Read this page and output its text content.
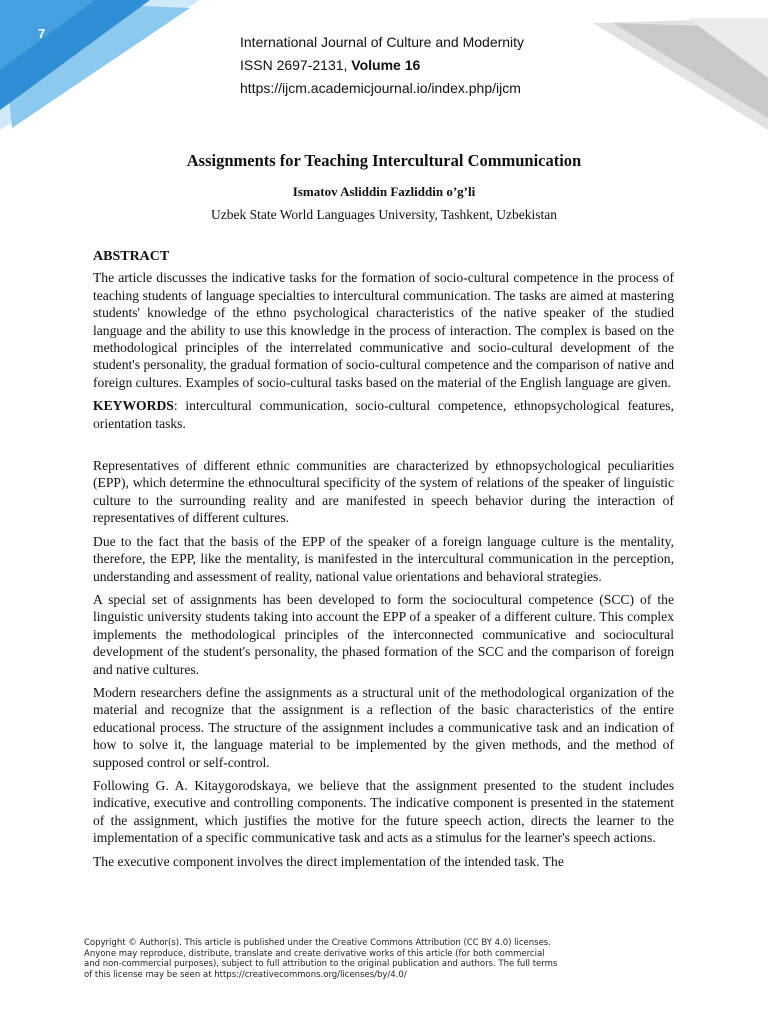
7
International Journal of Culture and Modernity
ISSN 2697-2131, Volume 16
https://ijcm.academicjournal.io/index.php/ijcm
Assignments for Teaching Intercultural Communication
Ismatov Asliddin Fazliddin o’g’li
Uzbek State World Languages University, Tashkent, Uzbekistan
ABSTRACT

The article discusses the indicative tasks for the formation of socio-cultural competence in the process of teaching students of language specialties to intercultural communication. The tasks are aimed at mastering students' knowledge of the ethno psychological characteristics of the native speaker of the studied language and the ability to use this knowledge in the process of interaction. The complex is based on the methodological principles of the interrelated communicative and socio-cultural development of the student's personality, the gradual formation of socio-cultural competence and the comparison of native and foreign cultures. Examples of socio-cultural tasks based on the material of the English language are given.

KEYWORDS: intercultural communication, socio-cultural competence, ethnopsychological features, orientation tasks.

Representatives of different ethnic communities are characterized by ethnopsychological peculiarities (EPP), which determine the ethnocultural specificity of the system of relations of the speaker of linguistic culture to the surrounding reality and are manifested in speech behavior during the interaction of representatives of different cultures.

Due to the fact that the basis of the EPP of the speaker of a foreign language culture is the mentality, therefore, the EPP, like the mentality, is manifested in the intercultural communication in the perception, understanding and assessment of reality, national value orientations and behavioral strategies.

A special set of assignments has been developed to form the sociocultural competence (SCC) of the linguistic university students taking into account the EPP of a speaker of a different culture. This complex implements the methodological principles of the interconnected communicative and sociocultural development of the student's personality, the phased formation of the SCC and the comparison of foreign and native cultures.

Modern researchers define the assignments as a structural unit of the methodological organization of the material and recognize that the assignment is a reflection of the basic characteristics of the entire educational process. The structure of the assignment includes a communicative task and an indication of how to solve it, the language material to be implemented by the given methods, and the method of supposed control or self-control.

Following G. A. Kitaygorodskaya, we believe that the assignment presented to the student includes indicative, executive and controlling components. The indicative component is presented in the statement of the assignment, which justifies the motive for the future speech action, directs the learner to the implementation of a specific communicative task and acts as a stimulus for the learner's speech actions.

The executive component involves the direct implementation of the intended task. The

Copyright © Author(s). This article is published under the Creative Commons Attribution (CC BY 4.0) licenses.
Anyone may reproduce, distribute, translate and create derivative works of this article (for both commercial
and non-commercial purposes), subject to full attribution to the original publication and authors. The full terms
of this license may be seen at https://creativecommons.org/licenses/by/4.0/
